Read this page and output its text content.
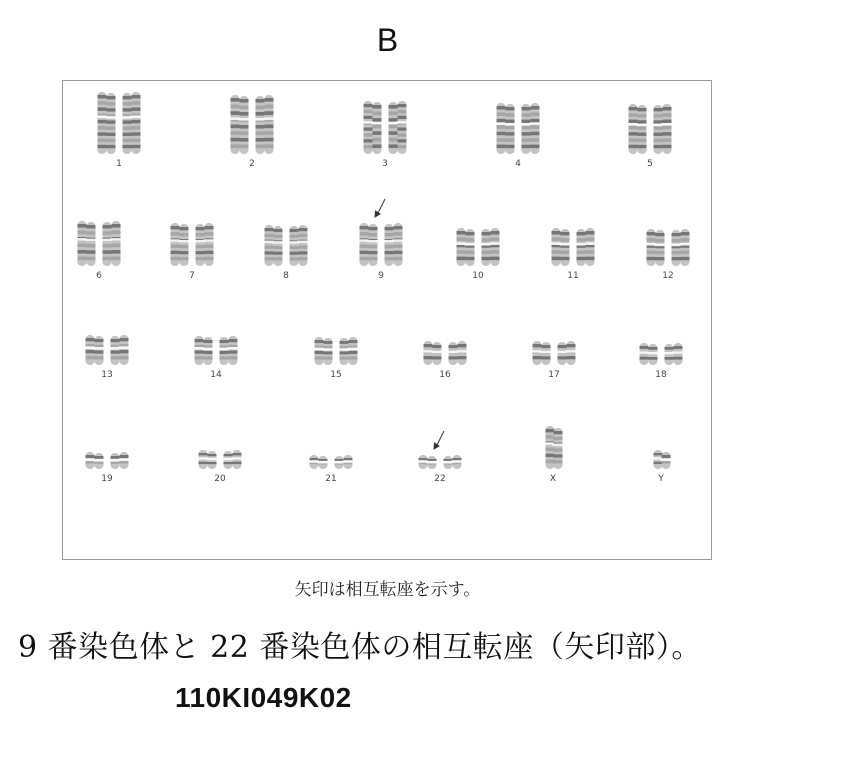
B
1	2	3	4	5
6	7	8	9	10	11	12
13	14	15	16	17	18
19	20	21	22	X	Y
矢印は相互転座を示す。
9 番染色体と 22 番染色体の相互転座（矢印部）。
110KI049K02
